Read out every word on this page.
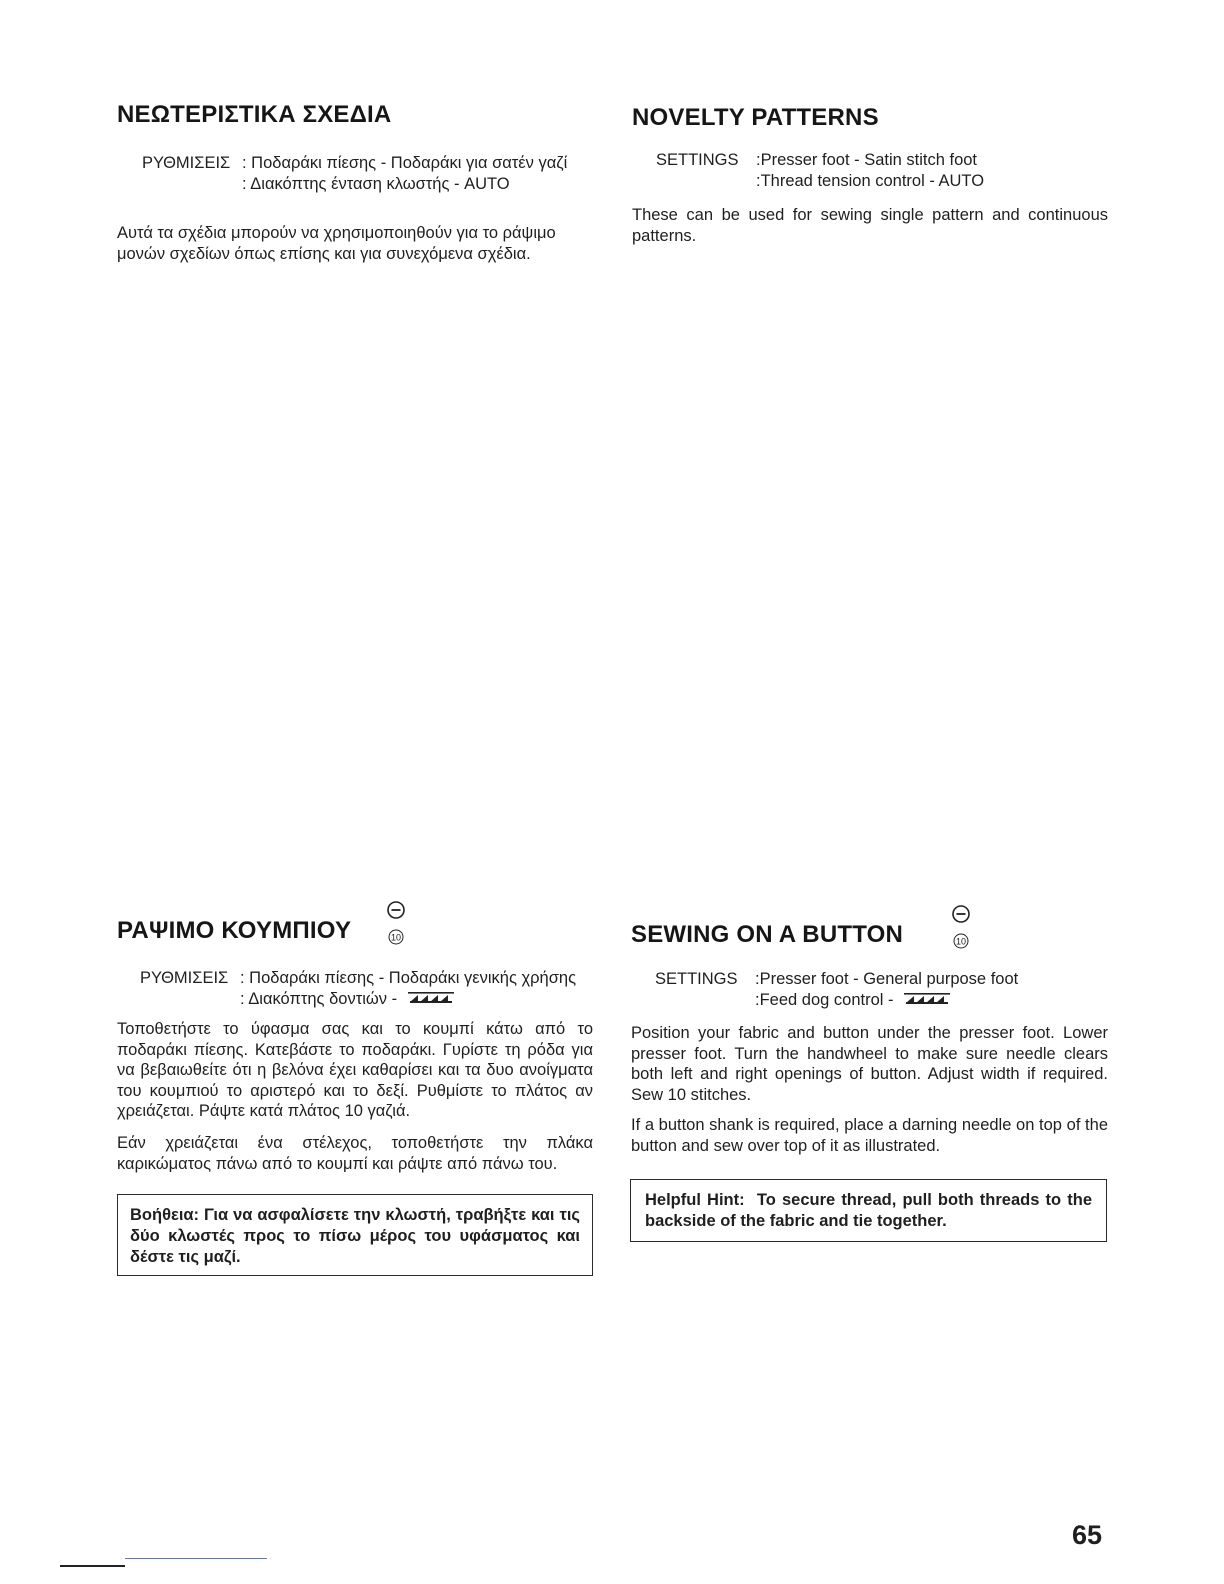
ΝΕΩΤΕΡΙΣΤΙΚΑ ΣΧΕΔΙΑ
ΡΥΘΜΙΣΕΙΣ : Ποδαράκι πίεσης - Ποδαράκι για σατέν γαζί
: Διακόπτης ένταση κλωστής - AUTO

Αυτά τα σχέδια μπορούν να χρησιμοποιηθούν για το ράψιμο μονών σχεδίων όπως επίσης και για συνεχόμενα σχέδια.

NOVELTY PATTERNS
SETTINGS :Presser foot - Satin stitch foot
:Thread tension control - AUTO

These can be used for sewing single pattern and continuous patterns.

ΡΑΨΙΜΟ ΚΟΥΜΠΙΟΥ	10
ΡΥΘΜΙΣΕΙΣ : Ποδαράκι πίεσης - Ποδαράκι γενικής χρήσης
: Διακόπτης δοντιών -

Τοποθετήστε το ύφασμα σας και το κουμπί κάτω από το ποδαράκι πίεσης. Κατεβάστε το ποδαράκι. Γυρίστε τη ρόδα για να βεβαιωθείτε ότι η βελόνα έχει καθαρίσει και τα δυο ανοίγματα του κουμπιού το αριστερό και το δεξί. Ρυθμίστε το πλάτος αν χρειάζεται. Ράψτε κατά πλάτος 10 γαζιά.

Εάν χρειάζεται ένα στέλεχος, τοποθετήστε την πλάκα καρικώματος πάνω από το κουμπί και ράψτε από πάνω του.

Βοήθεια: Για να ασφαλίσετε την κλωστή, τραβήξτε και τις δύο κλωστές προς το πίσω μέρος του υφάσματος και δέστε τις μαζί.

SEWING ON A BUTTON	10
SETTINGS :Presser foot - General purpose foot
:Feed dog control -

Position your fabric and button under the presser foot. Lower presser foot. Turn the handwheel to make sure needle clears both left and right openings of button. Adjust width if required. Sew 10 stitches.

If a button shank is required, place a darning needle on top of the button and sew over top of it as illustrated.

Helpful Hint: To secure thread, pull both threads to the backside of the fabric and tie together.

65
